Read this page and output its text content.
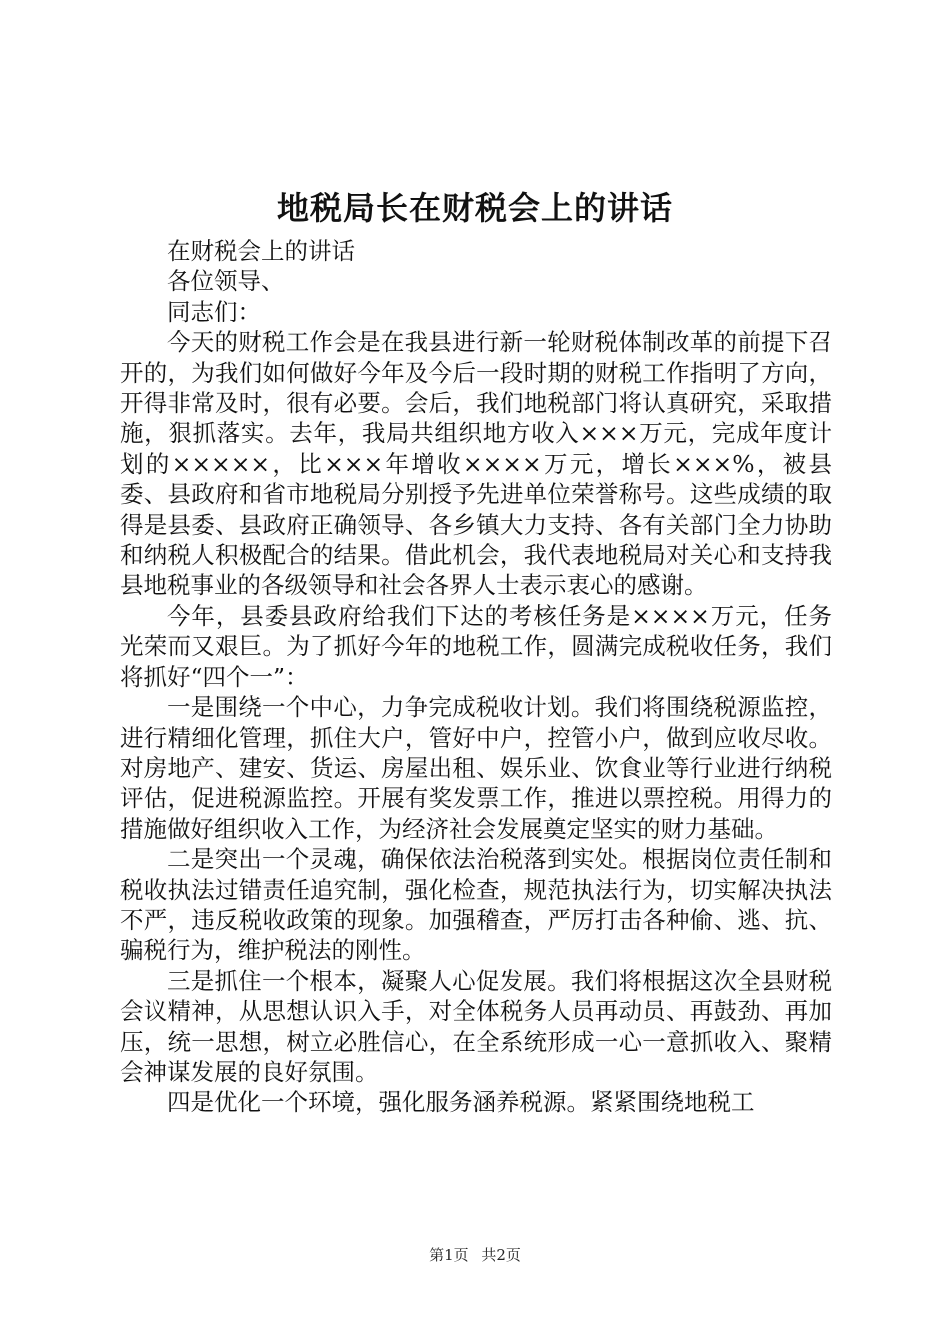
地税局长在财税会上的讲话

在财税会上的讲话

各位领导、

同志们：

今天的财税工作会是在我县进行新一轮财税体制改革的前提下召开的，为我们如何做好今年及今后一段时期的财税工作指明了方向，开得非常及时，很有必要。会后，我们地税部门将认真研究，采取措施，狠抓落实。去年，我局共组织地方收入×××万元，完成年度计划的×××××，比×××年增收××××万元，增长×××%，被县委、县政府和省市地税局分别授予先进单位荣誉称号。这些成绩的取得是县委、县政府正确领导、各乡镇大力支持、各有关部门全力协助和纳税人积极配合的结果。借此机会，我代表地税局对关心和支持我县地税事业的各级领导和社会各界人士表示衷心的感谢。

今年，县委县政府给我们下达的考核任务是××××万元，任务光荣而又艰巨。为了抓好今年的地税工作，圆满完成税收任务，我们将抓好“四个一”：

一是围绕一个中心，力争完成税收计划。我们将围绕税源监控，进行精细化管理，抓住大户，管好中户，控管小户，做到应收尽收。对房地产、建安、货运、房屋出租、娱乐业、饮食业等行业进行纳税评估，促进税源监控。开展有奖发票工作，推进以票控税。用得力的措施做好组织收入工作，为经济社会发展奠定坚实的财力基础。

二是突出一个灵魂，确保依法治税落到实处。根据岗位责任制和税收执法过错责任追究制，强化检查，规范执法行为，切实解决执法不严，违反税收政策的现象。加强稽查，严厉打击各种偷、逃、抗、骗税行为，维护税法的刚性。

三是抓住一个根本，凝聚人心促发展。我们将根据这次全县财税会议精神，从思想认识入手，对全体税务人员再动员、再鼓劲、再加压，统一思想，树立必胜信心，在全系统形成一心一意抓收入、聚精会神谋发展的良好氛围。

四是优化一个环境，强化服务涵养税源。紧紧围绕地税工

第1页 共2页
